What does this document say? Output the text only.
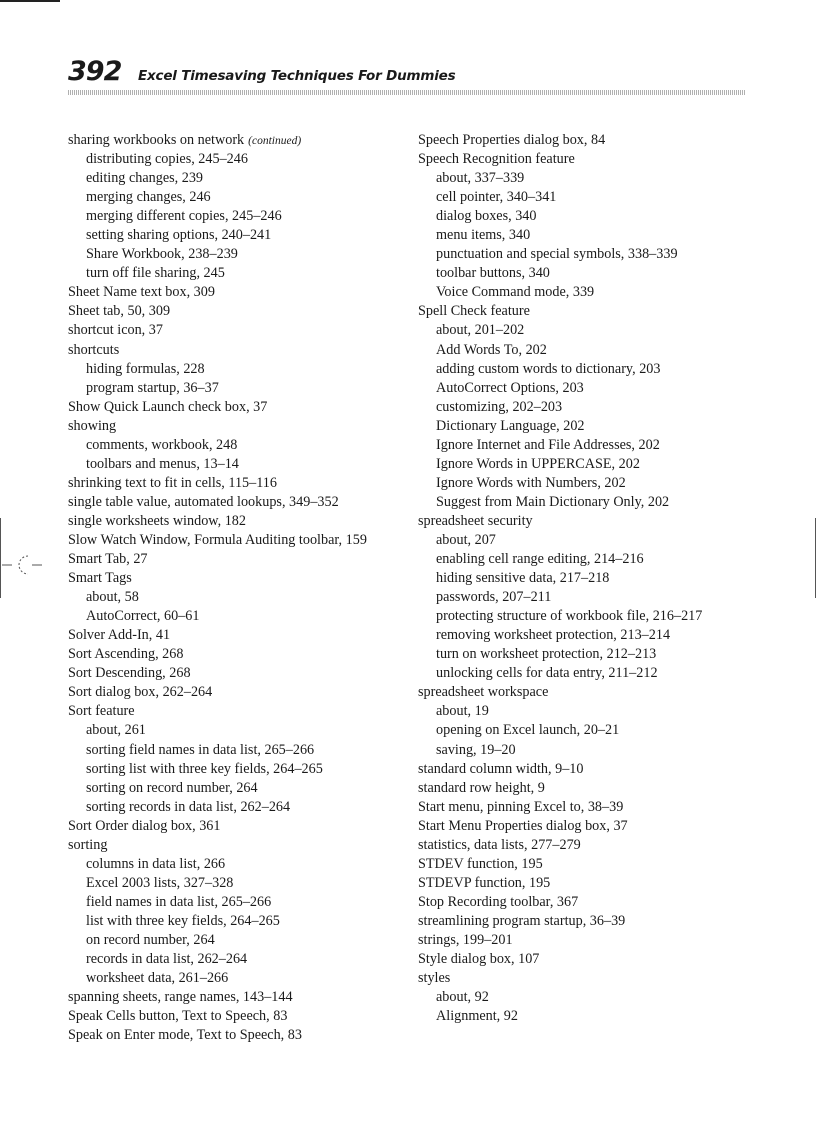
392 Excel Timesaving Techniques For Dummies
sharing workbooks on network (continued)
distributing copies, 245–246
editing changes, 239
merging changes, 246
merging different copies, 245–246
setting sharing options, 240–241
Share Workbook, 238–239
turn off file sharing, 245
Sheet Name text box, 309
Sheet tab, 50, 309
shortcut icon, 37
shortcuts
hiding formulas, 228
program startup, 36–37
Show Quick Launch check box, 37
showing
comments, workbook, 248
toolbars and menus, 13–14
shrinking text to fit in cells, 115–116
single table value, automated lookups, 349–352
single worksheets window, 182
Slow Watch Window, Formula Auditing toolbar, 159
Smart Tab, 27
Smart Tags
about, 58
AutoCorrect, 60–61
Solver Add-In, 41
Sort Ascending, 268
Sort Descending, 268
Sort dialog box, 262–264
Sort feature
about, 261
sorting field names in data list, 265–266
sorting list with three key fields, 264–265
sorting on record number, 264
sorting records in data list, 262–264
Sort Order dialog box, 361
sorting
columns in data list, 266
Excel 2003 lists, 327–328
field names in data list, 265–266
list with three key fields, 264–265
on record number, 264
records in data list, 262–264
worksheet data, 261–266
spanning sheets, range names, 143–144
Speak Cells button, Text to Speech, 83
Speak on Enter mode, Text to Speech, 83
Speech Properties dialog box, 84
Speech Recognition feature
about, 337–339
cell pointer, 340–341
dialog boxes, 340
menu items, 340
punctuation and special symbols, 338–339
toolbar buttons, 340
Voice Command mode, 339
Spell Check feature
about, 201–202
Add Words To, 202
adding custom words to dictionary, 203
AutoCorrect Options, 203
customizing, 202–203
Dictionary Language, 202
Ignore Internet and File Addresses, 202
Ignore Words in UPPERCASE, 202
Ignore Words with Numbers, 202
Suggest from Main Dictionary Only, 202
spreadsheet security
about, 207
enabling cell range editing, 214–216
hiding sensitive data, 217–218
passwords, 207–211
protecting structure of workbook file, 216–217
removing worksheet protection, 213–214
turn on worksheet protection, 212–213
unlocking cells for data entry, 211–212
spreadsheet workspace
about, 19
opening on Excel launch, 20–21
saving, 19–20
standard column width, 9–10
standard row height, 9
Start menu, pinning Excel to, 38–39
Start Menu Properties dialog box, 37
statistics, data lists, 277–279
STDEV function, 195
STDEVP function, 195
Stop Recording toolbar, 367
streamlining program startup, 36–39
strings, 199–201
Style dialog box, 107
styles
about, 92
Alignment, 92
